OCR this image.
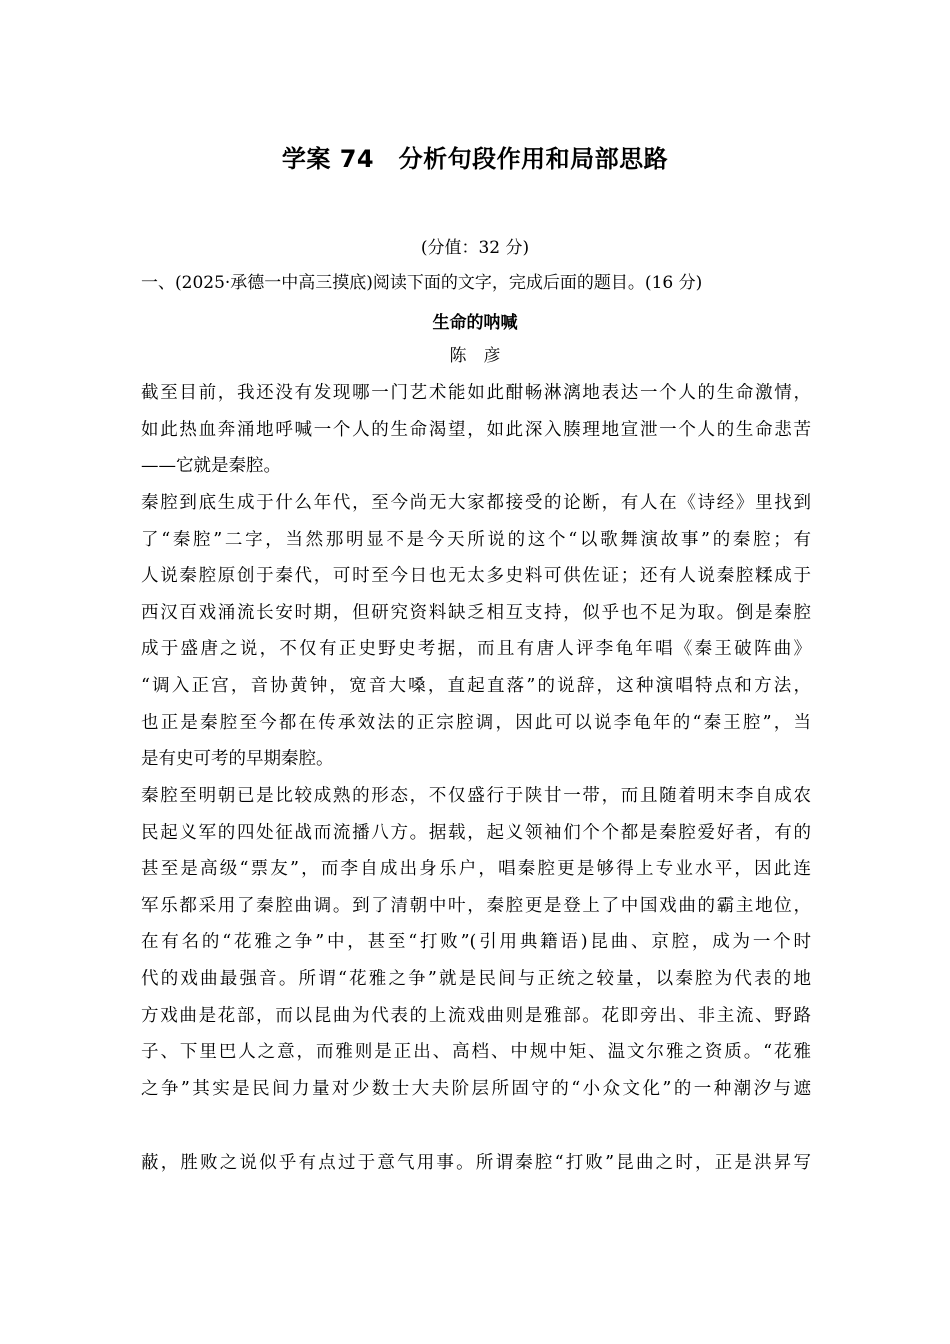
学案 74　分析句段作用和局部思路
(分值：32 分)
一、(2025·承德一中高三摸底)阅读下面的文字，完成后面的题目。(16 分)
生命的呐喊
陈　彦
截至目前，我还没有发现哪一门艺术能如此酣畅淋漓地表达一个人的生命激情，
如此热血奔涌地呼喊一个人的生命渴望，如此深入腠理地宣泄一个人的生命悲苦
——它就是秦腔。
秦腔到底生成于什么年代，至今尚无大家都接受的论断，有人在《诗经》里找到
了“秦腔”二字，当然那明显不是今天所说的这个“以歌舞演故事”的秦腔；有
人说秦腔原创于秦代，可时至今日也无太多史料可供佐证；还有人说秦腔糅成于
西汉百戏涌流长安时期，但研究资料缺乏相互支持，似乎也不足为取。倒是秦腔
成于盛唐之说，不仅有正史野史考据，而且有唐人评李龟年唱《秦王破阵曲》
“调入正宫，音协黄钟，宽音大嗓，直起直落”的说辞，这种演唱特点和方法，
也正是秦腔至今都在传承效法的正宗腔调，因此可以说李龟年的“秦王腔”，当
是有史可考的早期秦腔。
秦腔至明朝已是比较成熟的形态，不仅盛行于陕甘一带，而且随着明末李自成农
民起义军的四处征战而流播八方。据载，起义领袖们个个都是秦腔爱好者，有的
甚至是高级“票友”，而李自成出身乐户，唱秦腔更是够得上专业水平，因此连
军乐都采用了秦腔曲调。到了清朝中叶，秦腔更是登上了中国戏曲的霸主地位，
在有名的“花雅之争”中，甚至“打败”(引用典籍语)昆曲、京腔，成为一个时
代的戏曲最强音。所谓“花雅之争”就是民间与正统之较量，以秦腔为代表的地
方戏曲是花部，而以昆曲为代表的上流戏曲则是雅部。花即旁出、非主流、野路
子、下里巴人之意，而雅则是正出、高档、中规中矩、温文尔雅之资质。“花雅
之争”其实是民间力量对少数士大夫阶层所固守的“小众文化”的一种潮汐与遮
蔽，胜败之说似乎有点过于意气用事。所谓秦腔“打败”昆曲之时，正是洪昇写
